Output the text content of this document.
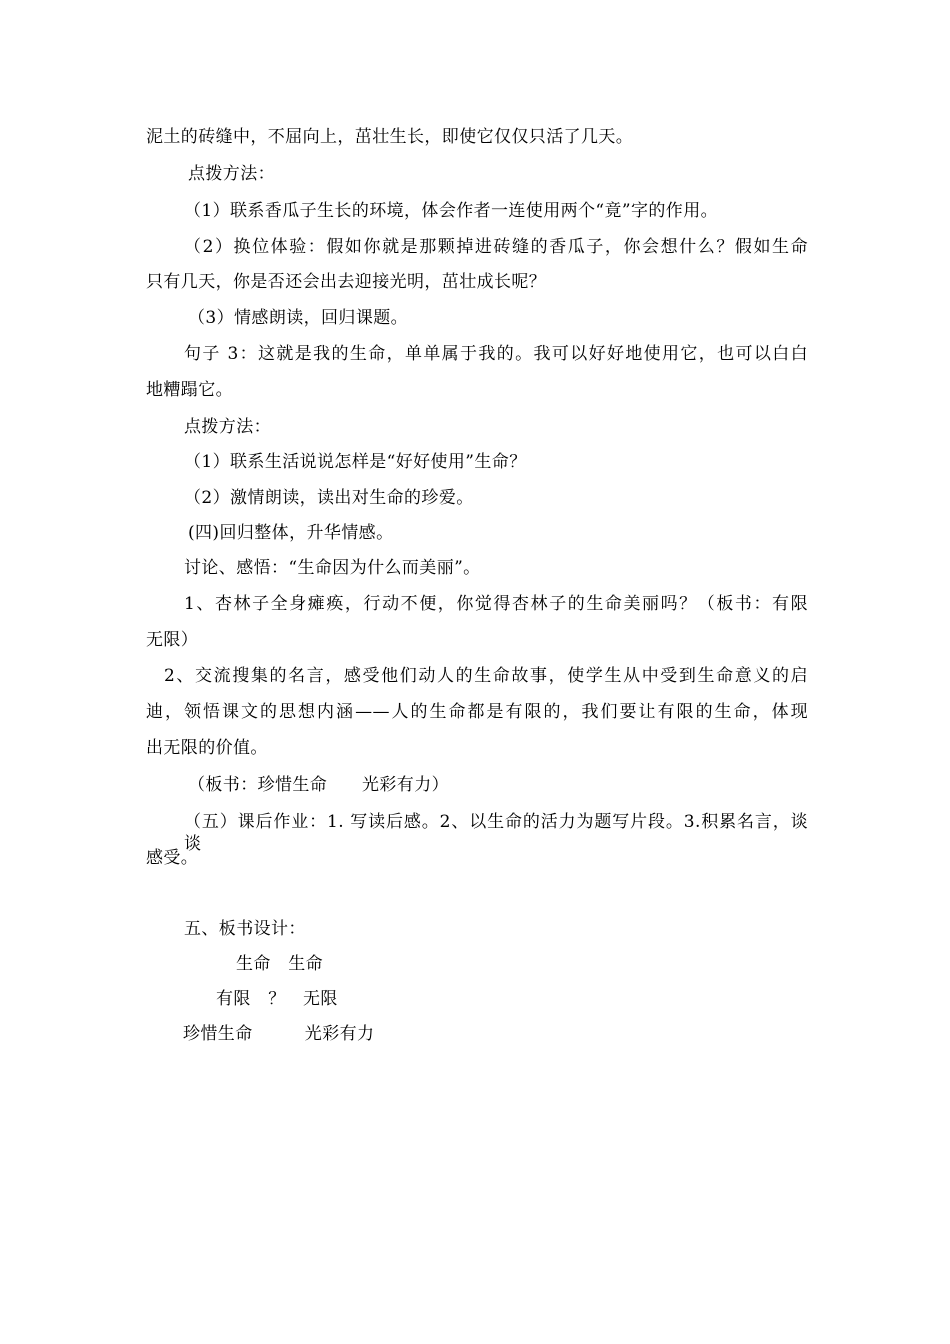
泥土的砖缝中，不屈向上，茁壮生长，即使它仅仅只活了几天。
点拨方法：
（1）联系香瓜子生长的环境，体会作者一连使用两个“竟”字的作用。
（2）换位体验：假如你就是那颗掉进砖缝的香瓜子，你会想什么？假如生命
只有几天，你是否还会出去迎接光明，茁壮成长呢？
（3）情感朗读，回归课题。
句子 3：这就是我的生命，单单属于我的。我可以好好地使用它，也可以白白
地糟蹋它。
点拨方法：
（1）联系生活说说怎样是“好好使用”生命？
（2）激情朗读，读出对生命的珍爱。
(四)回归整体，升华情感。
讨论、感悟：“生命因为什么而美丽”。
1、杏林子全身瘫痪，行动不便，你觉得杏林子的生命美丽吗？（板书：有限
无限）
2、交流搜集的名言，感受他们动人的生命故事，使学生从中受到生命意义的启
迪，领悟课文的思想内涵——人的生命都是有限的，我们要让有限的生命，体现
出无限的价值。
（板书：珍惜生命　　光彩有力）
（五）课后作业：1. 写读后感。2、以生命的活力为题写片段。3.积累名言，谈谈
感受。
五、板书设计：
生命　生命
有限　？　无限
珍惜生命　　　光彩有力
